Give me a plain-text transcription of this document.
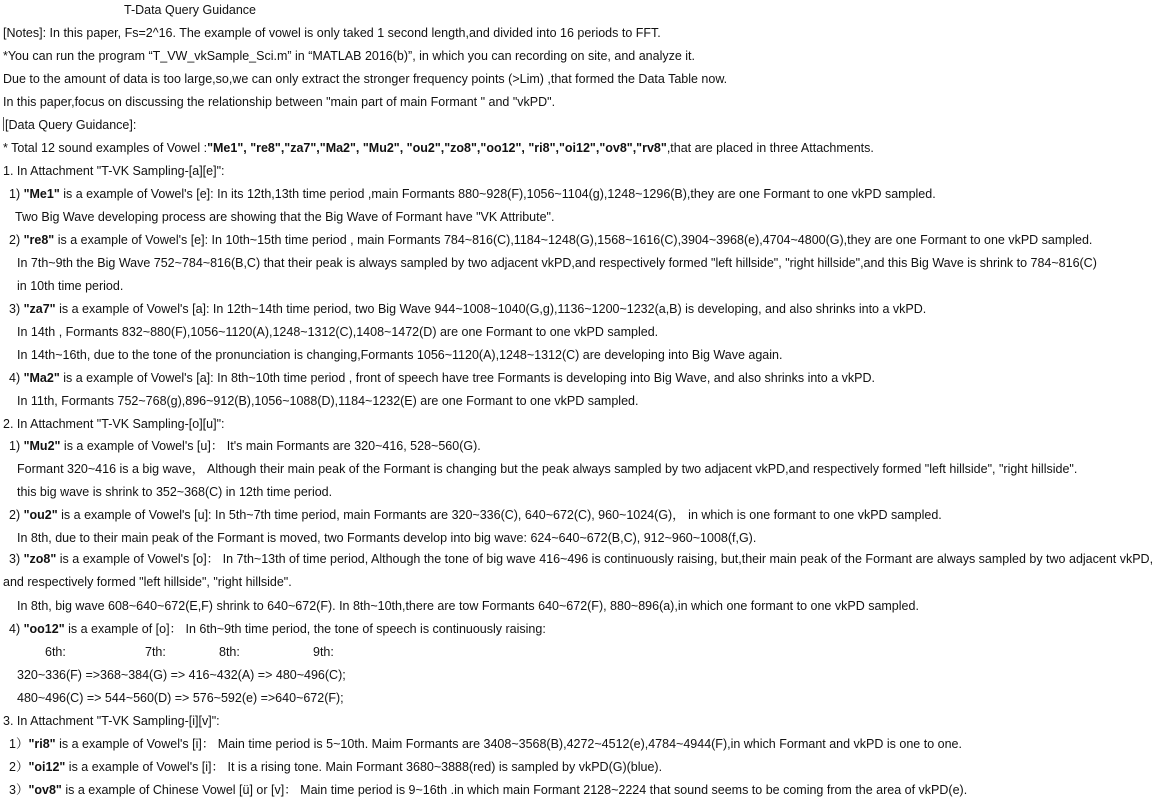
T-Data Query Guidance
[Notes]: In this paper, Fs=2^16. The example of vowel is only taked 1 second length,and divided into 16 periods to FFT.
*You can run the program “T_VW_vkSample_Sci.m” in “MATLAB 2016(b)”, in which you can recording on site, and analyze it.
Due to the amount of data is too large,so,we can only extract the stronger frequency points (>Lim) ,that formed the Data Table now.
In this paper,focus on discussing the relationship between "main part of main Formant " and "vkPD".
[Data Query Guidance]:
* Total 12 sound examples of Vowel :"Me1", "re8","za7","Ma2", "Mu2", "ou2","zo8","oo12", "ri8","oi12","ov8","rv8",that are placed in three Attachments.
1. In Attachment "T-VK Sampling-[a][e]":
1) "Me1" is a example of Vowel's [e]: In its 12th,13th time period ,main Formants 880~928(F),1056~1104(g),1248~1296(B),they are one Formant to one vkPD sampled.
Two Big Wave developing process are showing that the Big Wave of Formant have "VK Attribute".
2) "re8" is a example of Vowel's [e]: In 10th~15th time period , main Formants 784~816(C),1184~1248(G),1568~1616(C),3904~3968(e),4704~4800(G),they are one Formant to one vkPD sampled.
In 7th~9th the Big Wave 752~784~816(B,C) that their peak is always sampled by two adjacent vkPD,and respectively formed "left hillside", "right hillside",and this Big Wave is shrink to 784~816(C)
in 10th time period.
3) "za7" is a example of Vowel's [a]: In 12th~14th time period, two Big Wave 944~1008~1040(G,g),1136~1200~1232(a,B) is developing, and also shrinks into a vkPD.
In 14th , Formants 832~880(F),1056~1120(A),1248~1312(C),1408~1472(D) are one Formant to one vkPD sampled.
In 14th~16th, due to the tone of the pronunciation is changing,Formants 1056~1120(A),1248~1312(C) are developing into Big Wave again.
4) "Ma2" is a example of Vowel's [a]: In 8th~10th time period , front of speech have tree Formants is developing into Big Wave, and also shrinks into a vkPD.
In 11th, Formants 752~768(g),896~912(B),1056~1088(D),1184~1232(E) are one Formant to one vkPD sampled.
2. In Attachment "T-VK Sampling-[o][u]":
1) "Mu2" is a example of Vowel's [u]： It's main Formants are 320~416, 528~560(G).
Formant 320~416 is a big wave， Although their main peak of the Formant is changing but the peak always sampled by two adjacent vkPD,and respectively formed "left hillside", "right hillside".
this big wave is shrink to 352~368(C) in 12th time period.
2) "ou2" is a example of Vowel's [u]: In 5th~7th time period, main Formants are 320~336(C), 640~672(C), 960~1024(G)， in which is one formant to one vkPD sampled.
In 8th, due to their main peak of the Formant is moved, two Formants develop into big wave: 624~640~672(B,C), 912~960~1008(f,G).
3) "zo8" is a example of Vowel's [o]： In 7th~13th of time period, Although the tone of big wave 416~496 is continuously raising, but,their main peak of the Formant are always sampled by two adjacent vkPD, and respectively formed "left hillside", "right hillside".
In 8th, big wave 608~640~672(E,F) shrink to 640~672(F). In 8th~10th,there are tow Formants 640~672(F), 880~896(a),in which one formant to one vkPD sampled.
4) "oo12" is a example of [o]： In 6th~9th time period, the tone of speech is continuously raising:
6th:	7th:	8th:	9th:
320~336(F) =>368~384(G) => 416~432(A) => 480~496(C);
480~496(C) => 544~560(D) => 576~592(e) =>640~672(F);
3. In Attachment "T-VK Sampling-[i][v]":
1）"ri8" is a example of Vowel's [i]： Main time period is 5~10th. Maim Formants are 3408~3568(B),4272~4512(e),4784~4944(F),in which Formant and vkPD is one to one.
2）"oi12" is a example of Vowel's [i]： It is a rising tone. Main Formant 3680~3888(red) is sampled by vkPD(G)(blue).
3）"ov8" is a example of Chinese Vowel [ü] or [v]： Main time period is 9~16th .in which main Formant 2128~2224 that sound seems to be coming from the area of vkPD(e).
